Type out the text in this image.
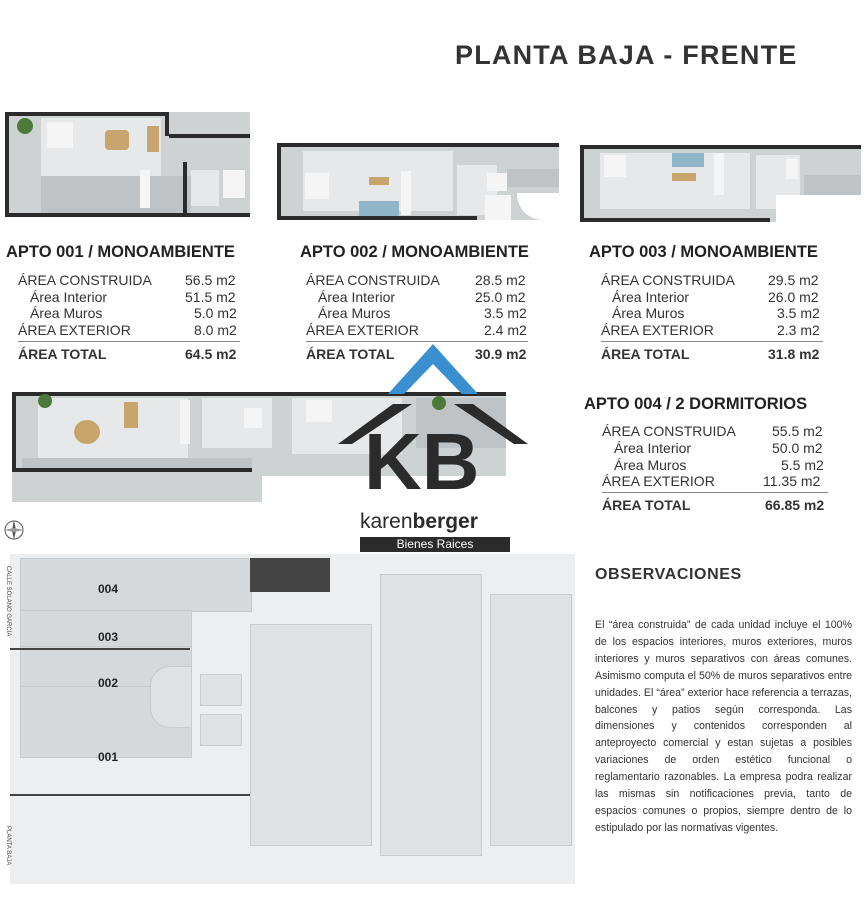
PLANTA BAJA - FRENTE
APTO 001 / MONOAMBIENTE
ÁREA CONSTRUIDA 56.5 m2
Área Interior	51.5 m2
Área Muros	5.0 m2
ÁREA EXTERIOR	8.0 m2
ÁREA TOTAL	64.5 m2
APTO 002 / MONOAMBIENTE
ÁREA CONSTRUIDA	28.5 m2
Área Interior	25.0 m2
Área Muros	3.5 m2
ÁREA EXTERIOR	2.4 m2
ÁREA TOTAL	30.9 m2
APTO 003 / MONOAMBIENTE
ÁREA CONSTRUIDA 29.5 m2
Área Interior	26.0 m2
Área Muros	3.5 m2
ÁREA EXTERIOR	2.3 m2
ÁREA TOTAL	31.8 m2
APTO 004 / 2 DORMITORIOS
ÁREA CONSTRUIDA	55.5 m2
Área Interior	50.0 m2
Área Muros	5.5 m2
ÁREA EXTERIOR	11.35 m2
ÁREA TOTAL	66.85 m2
KB
karenberger
Bienes Raices
004
003
002
001
CALLE SOLANO GARCIA
PLANTA BAJA
OBSERVACIONES
El “área construida” de cada unidad incluye el 100% de los espacios interiores, muros exteriores, muros interiores y muros separativos con áreas comunes. Asimismo computa el 50% de muros separativos entre unidades. El “área” exterior hace referencia a terrazas, balcones y patios según corresponda. Las dimensiones y contenidos corresponden al anteproyecto comercial y estan sujetas a posibles variaciones de orden estético funcional o reglamentario razonables. La empresa podra realizar las mismas sin notificaciones previa, tanto de espacios comunes o propios, siempre dentro de lo estipulado por las normativas vigentes.
